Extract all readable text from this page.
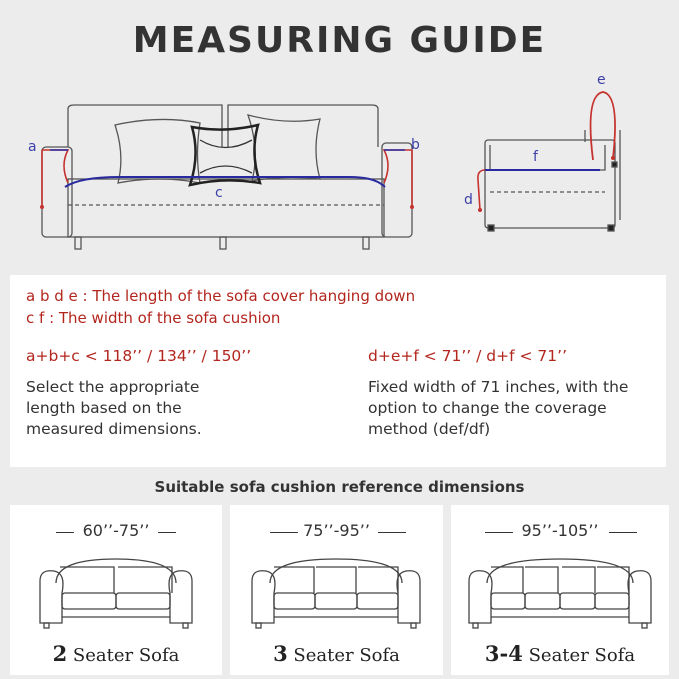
MEASURING GUIDE
a	b
c
e
f
d
a b d e : The length of the sofa cover hanging down
c f : The width of the sofa cushion
a+b+c < 118’’ / 134’’ / 150’’
Select the appropriate
length based on the
measured dimensions.
d+e+f < 71’’ / d+f < 71’’
Fixed width of 71 inches, with the
option to change the coverage
method (def/df)
Suitable sofa cushion reference dimensions
60’’-75’’
2 Seater Sofa
75’’-95’’
3 Seater Sofa
95’’-105’’
3-4 Seater Sofa
